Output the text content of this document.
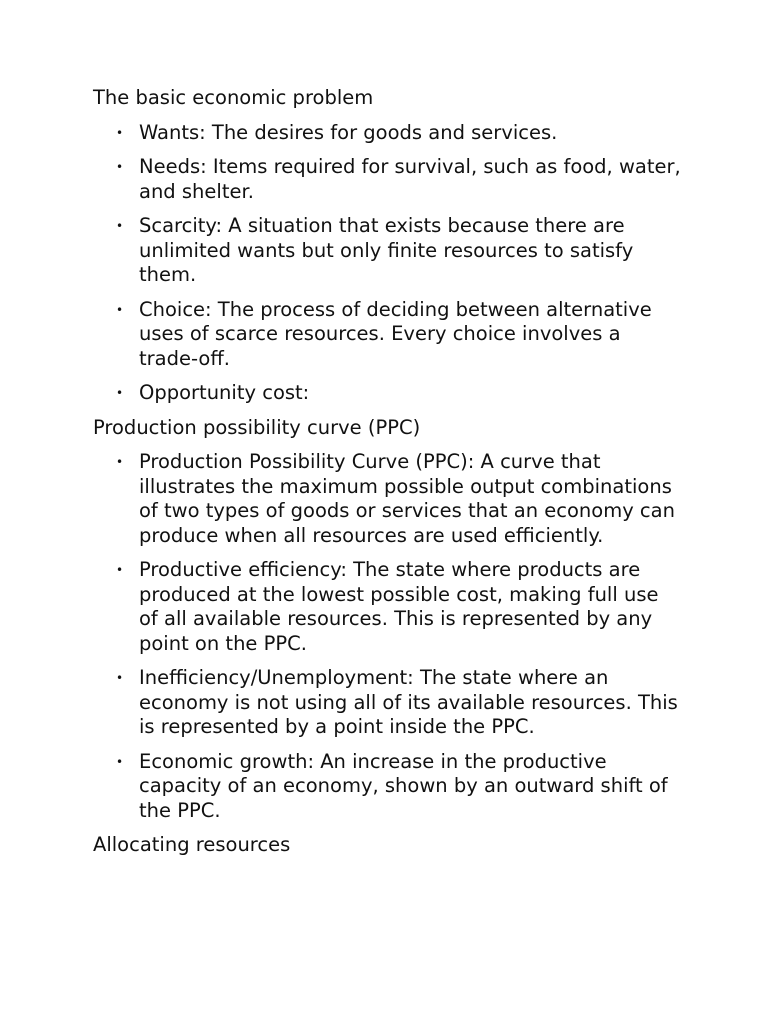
The basic economic problem
• Wants: The desires for goods and services.
• Needs: Items required for survival, such as food, water, and shelter.
• Scarcity: A situation that exists because there are unlimited wants but only finite resources to satisfy them.
• Choice: The process of deciding between alternative uses of scarce resources. Every choice involves a trade-off.
• Opportunity cost:
Production possibility curve (PPC)
• Production Possibility Curve (PPC): A curve that illustrates the maximum possible output combinations of two types of goods or services that an economy can produce when all resources are used efficiently.
• Productive efficiency: The state where products are produced at the lowest possible cost, making full use of all available resources. This is represented by any point on the PPC.
• Inefficiency/Unemployment: The state where an economy is not using all of its available resources. This is represented by a point inside the PPC.
• Economic growth: An increase in the productive capacity of an economy, shown by an outward shift of the PPC.
Allocating resources
